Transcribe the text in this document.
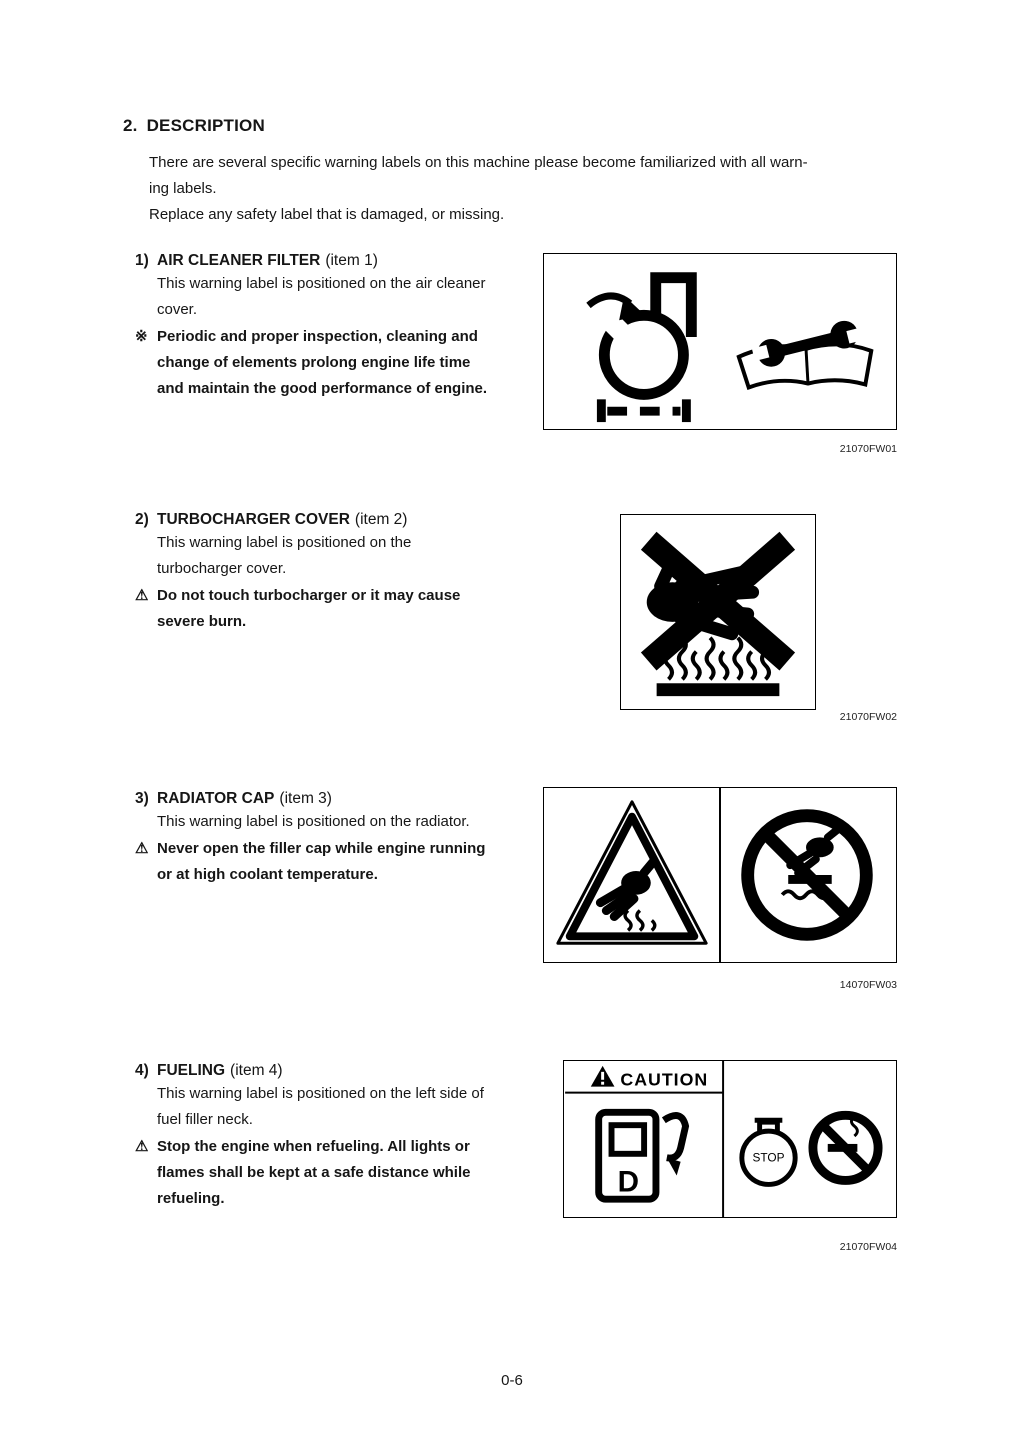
2. DESCRIPTION
There are several specific warning labels on this machine please become familiarized with all warn-
ing labels.
Replace any safety label that is damaged, or missing.
1) AIR CLEANER FILTER (item 1)
This warning label is positioned on the air cleaner cover.
※ Periodic and proper inspection, cleaning and change of elements prolong engine life time and maintain the good performance of engine.
21070FW01
2) TURBOCHARGER COVER (item 2)
This warning label is positioned on the turbocharger cover.
⚠ Do not touch turbocharger or it may cause severe burn.
21070FW02
3) RADIATOR CAP (item 3)
This warning label is positioned on the radiator.
⚠ Never open the filler cap while engine running or at high coolant temperature.
14070FW03
4) FUELING (item 4)
This warning label is positioned on the left side of fuel filler neck.
⚠ Stop the engine when refueling. All lights or flames shall be kept at a safe distance while refueling.
CAUTION
D
STOP
21070FW04
0-6
